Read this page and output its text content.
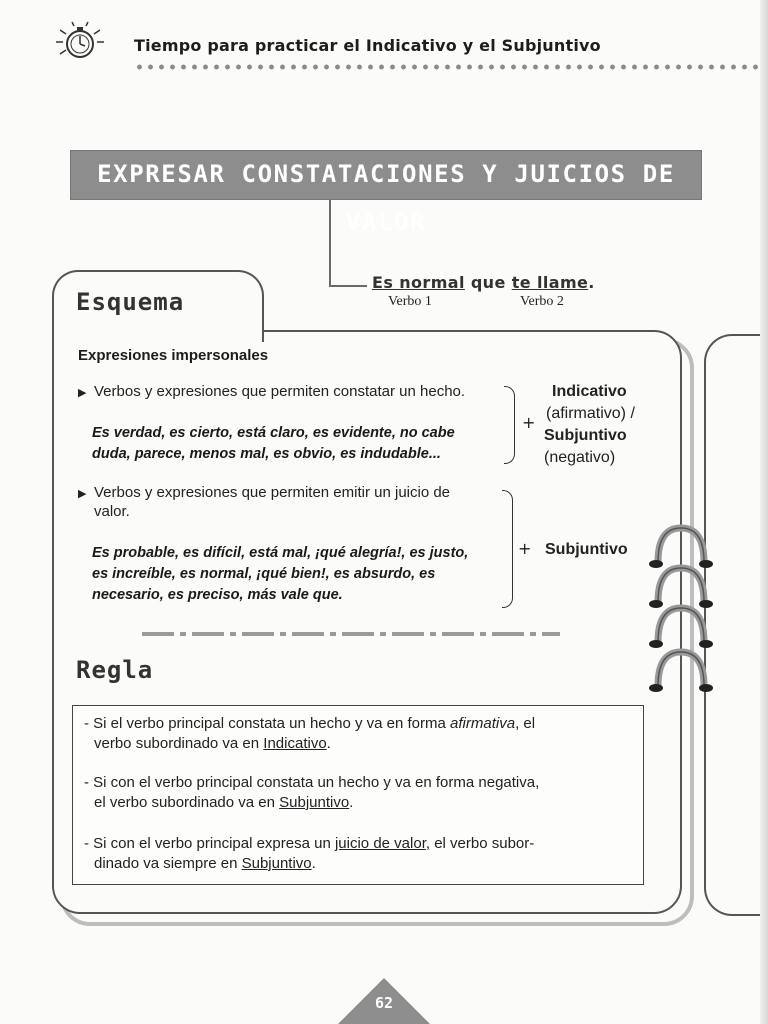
Tiempo para practicar el Indicativo y el Subjuntivo
EXPRESAR CONSTATACIONES Y JUICIOS DE VALOR
Es normal que te llame.
Verbo 1	Verbo 2
Esquema
Expresiones impersonales
▶ Verbos y expresiones que permiten constatar un hecho.
Es verdad, es cierto, está claro, es evidente, no cabe
duda, parece, menos mal, es obvio, es indudable...
+
Indicativo
(afirmativo) /
Subjuntivo
(negativo)
▶ Verbos y expresiones que permiten emitir un juicio de
valor.
Es probable, es difícil, está mal, ¡qué alegría!, es justo,
es increíble, es normal, ¡qué bien!, es absurdo, es
necesario, es preciso, más vale que.
+ Subjuntivo
Regla
- Si el verbo principal constata un hecho y va en forma afirmativa, el
verbo subordinado va en Indicativo.
- Si con el verbo principal constata un hecho y va en forma negativa,
el verbo subordinado va en Subjuntivo.
- Si con el verbo principal expresa un juicio de valor, el verbo subor-
dinado va siempre en Subjuntivo.
62
